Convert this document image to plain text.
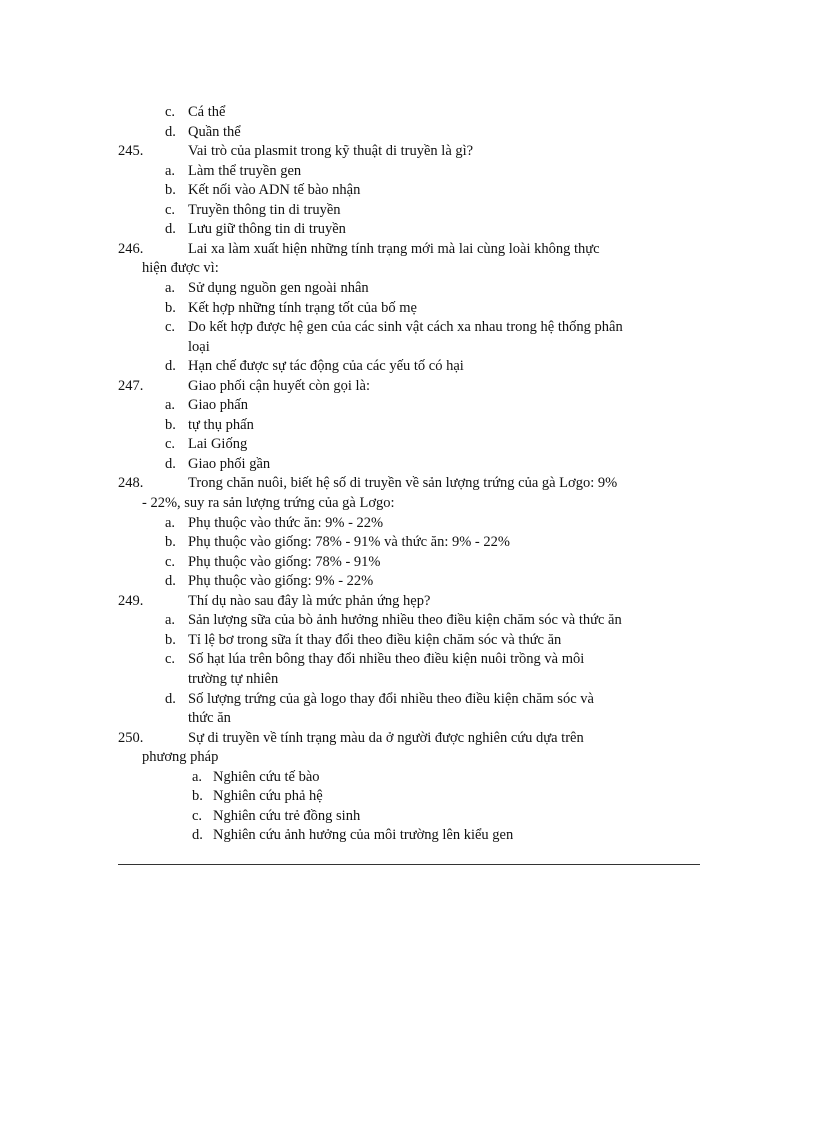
c. Cá thể
d. Quần thể
245.	Vai trò của plasmit trong kỹ thuật di truyền là gì?
a. Làm thể truyền gen
b. Kết nối vào ADN tế bào nhận
c. Truyền thông tin di truyền
d. Lưu giữ thông tin di truyền
246.	Lai xa làm xuất hiện những tính trạng mới mà lai cùng loài không thực
hiện được vì:
a. Sử dụng nguồn gen ngoài nhân
b. Kết hợp những tính trạng tốt của bố mẹ
c. Do kết hợp được hệ gen của các sinh vật cách xa nhau trong hệ thống phân
loại
d. Hạn chế được sự tác động của các yếu tố có hại
247.	Giao phối cận huyết còn gọi là:
a. Giao phấn
b. tự thụ phấn
c. Lai Giống
d. Giao phối gần
248.	Trong chăn nuôi, biết hệ số di truyền về sản lượng trứng của gà Lơgo: 9%
- 22%, suy ra sản lượng trứng của gà Lơgo:
a. Phụ thuộc vào thức ăn: 9% - 22%
b. Phụ thuộc vào giống: 78% - 91% và thức ăn: 9% - 22%
c. Phụ thuộc vào giống: 78% - 91%
d. Phụ thuộc vào giống: 9% - 22%
249.	Thí dụ nào sau đây là mức phản ứng hẹp?
a. Sản lượng sữa của bò ảnh hưởng nhiều theo điều kiện chăm sóc và thức ăn
b. Tỉ lệ bơ trong sữa ít thay đổi theo điều kiện chăm sóc và thức ăn
c. Số hạt lúa trên bông thay đổi nhiều theo điều kiện nuôi trồng và môi
trường tự nhiên
d. Số lượng trứng của gà logo thay đổi nhiều theo điều kiện chăm sóc và
thức ăn
250.	Sự di truyền về tính trạng màu da ở người được nghiên cứu dựa trên
phương pháp
a. Nghiên cứu tế bào
b. Nghiên cứu phả hệ
c. Nghiên cứu trẻ đồng sinh
d. Nghiên cứu ảnh hưởng của môi trường lên kiểu gen
